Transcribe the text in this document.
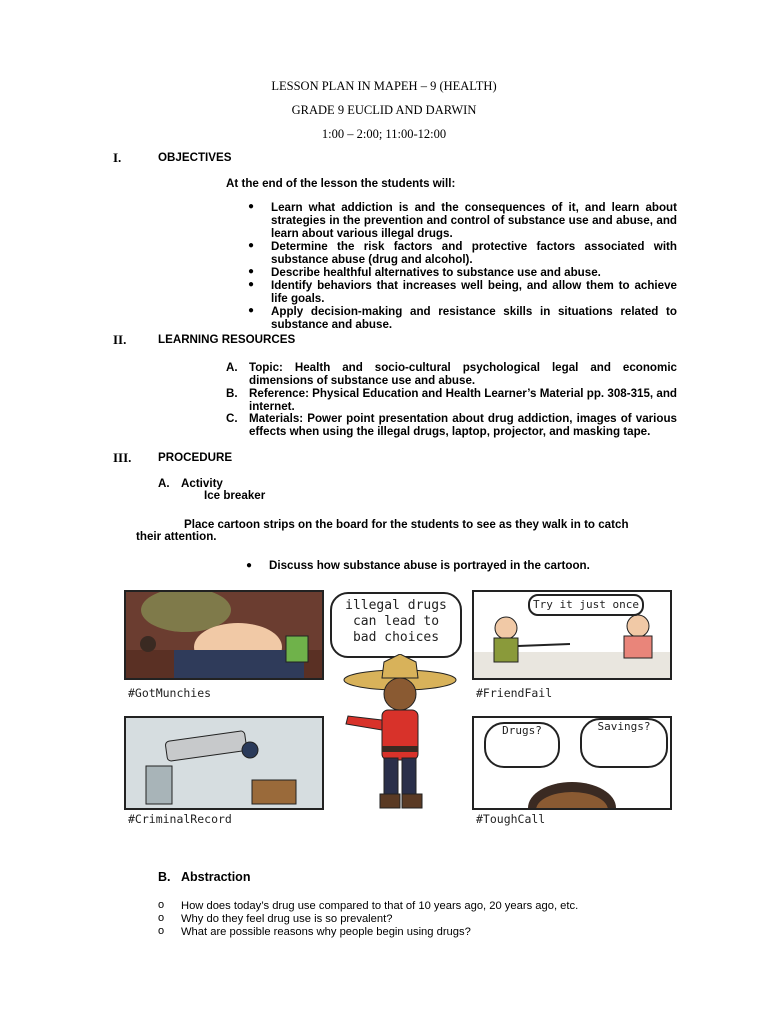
LESSON PLAN IN MAPEH – 9 (HEALTH)
GRADE 9 EUCLID AND DARWIN
1:00 – 2:00; 11:00-12:00
I.	OBJECTIVES
At the end of the lesson the students will:
● Learn what addiction is and the consequences of it, and learn about strategies in the prevention and control of substance use and abuse, and learn about various illegal drugs.
● Determine the risk factors and protective factors associated with substance abuse (drug and alcohol).
● Describe healthful alternatives to substance use and abuse.
● Identify behaviors that increases well being, and allow them to achieve life goals.
● Apply decision-making and resistance skills in situations related to substance and abuse.
II.	LEARNING RESOURCES
A. Topic: Health and socio-cultural psychological legal and economic dimensions of substance use and abuse.
B. Reference: Physical Education and Health Learner’s Material pp. 308-315, and internet.
C. Materials: Power point presentation about drug addiction, images of various effects when using the illegal drugs, laptop, projector, and masking tape.
III. PROCEDURE
A. Activity
Ice breaker
Place cartoon strips on the board for the students to see as they walk in to catch
their attention.
● Discuss how substance abuse is portrayed in the cartoon.
#GotMunchies
illegal drugs
can lead to
bad choices
Try it just once
#FriendFail
#CriminalRecord
Drugs?	Savings?
#ToughCall
B. Abstraction
o How does today’s drug use compared to that of 10 years ago, 20 years ago, etc.
o Why do they feel drug use is so prevalent?
o What are possible reasons why people begin using drugs?
